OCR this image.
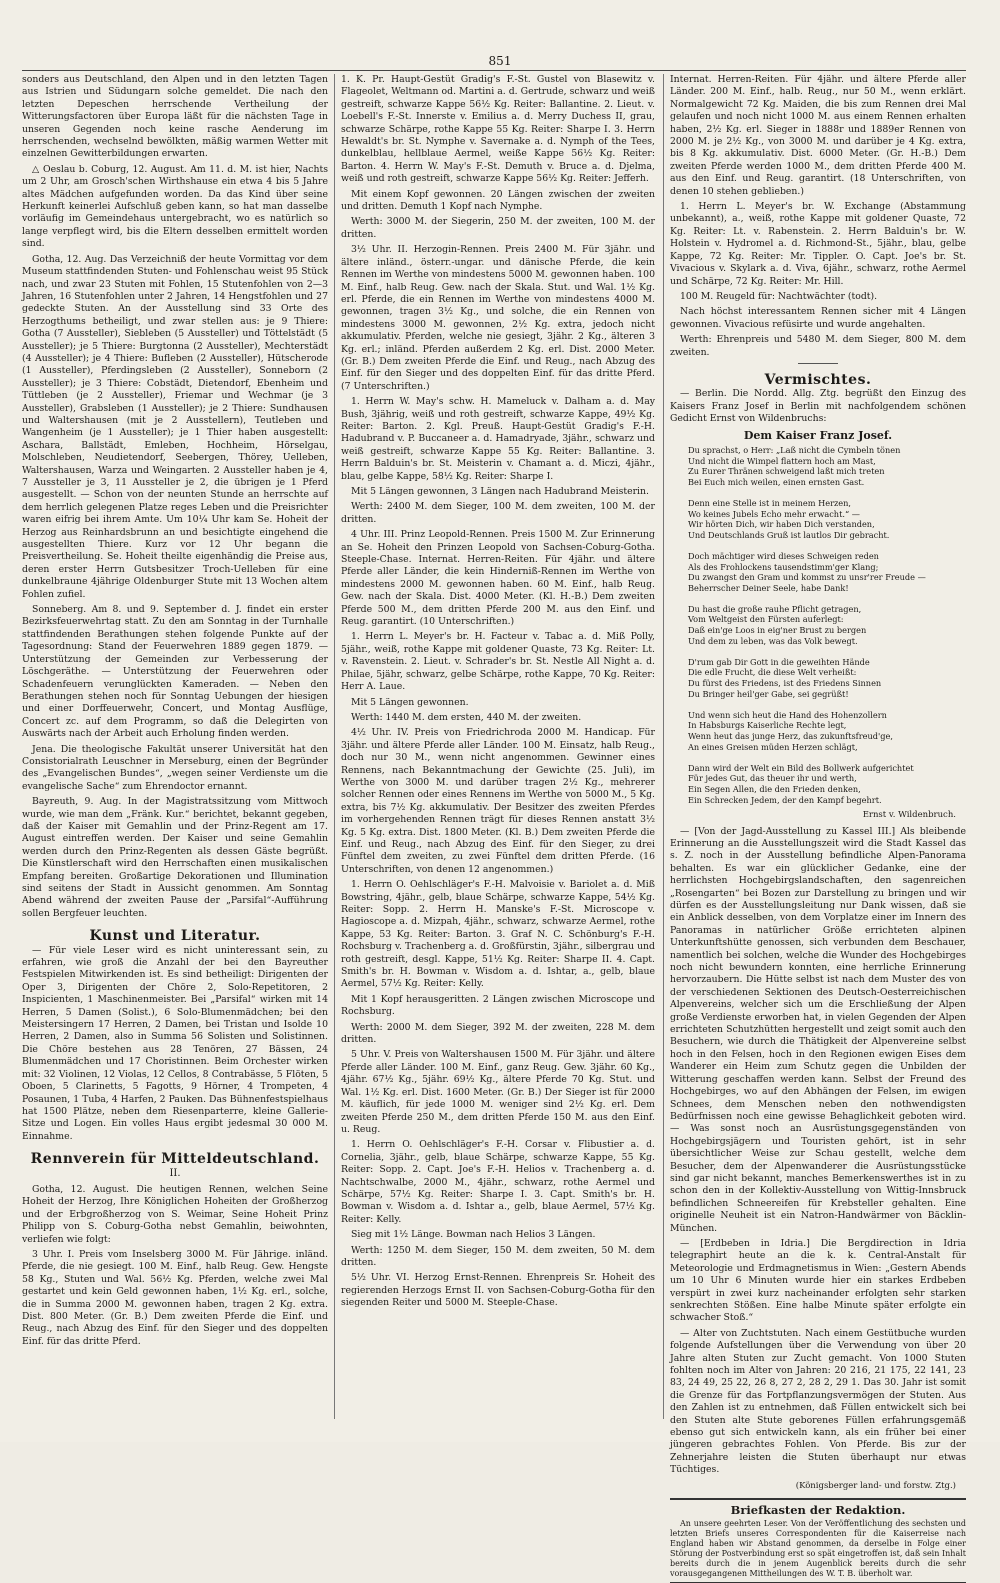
851

sonders aus Deutschland, den Alpen und in den letzten Tagen aus Istrien und Südungarn solche gemeldet. Die nach den letzten Depeschen herrschende Vertheilung der Witterungsfactoren über Europa läßt für die nächsten Tage in unseren Gegenden noch keine rasche Aenderung im herrschenden, wechselnd bewölkten, mäßig warmen Wetter mit einzelnen Gewitterbildungen erwarten.

△ Oeslau b. Coburg, 12. August. Am 11. d. M. ist hier, Nachts um 2 Uhr, am Grosch'schen Wirthshause ein etwa 4 bis 5 Jahre altes Mädchen aufgefunden worden. Da das Kind über seine Herkunft keinerlei Aufschluß geben kann, so hat man dasselbe vorläufig im Gemeindehaus untergebracht, wo es natürlich so lange verpflegt wird, bis die Eltern desselben ermittelt worden sind.

Gotha, 12. Aug. Das Verzeichniß der heute Vormittag vor dem Museum stattfindenden Stuten- und Fohlenschau weist 95 Stück nach, und zwar 23 Stuten mit Fohlen, 15 Stutenfohlen von 2—3 Jahren, 16 Stutenfohlen unter 2 Jahren, 14 Hengstfohlen und 27 gedeckte Stuten. An der Ausstellung sind 33 Orte des Herzogthums betheiligt, und zwar stellen aus: je 9 Thiere: Gotha (7 Aussteller), Siebleben (5 Aussteller) und Töttelstädt (5 Aussteller); je 5 Thiere: Burgtonna (2 Aussteller), Mechterstädt (4 Aussteller); je 4 Thiere: Bufleben (2 Aussteller), Hütscherode (1 Aussteller), Pferdingsleben (2 Aussteller), Sonneborn (2 Aussteller); je 3 Thiere: Cobstädt, Dietendorf, Ebenheim und Tüttleben (je 2 Aussteller), Friemar und Wechmar (je 3 Aussteller), Grabsleben (1 Aussteller); je 2 Thiere: Sundhausen und Waltershausen (mit je 2 Ausstellern), Teutleben und Wangenheim (je 1 Aussteller); je 1 Thier haben ausgestellt: Aschara, Ballstädt, Emleben, Hochheim, Hörselgau, Molschleben, Neudietendorf, Seebergen, Thörey, Uelleben, Waltershausen, Warza und Weingarten. 2 Aussteller haben je 4, 7 Aussteller je 3, 11 Aussteller je 2, die übrigen je 1 Pferd ausgestellt. — Schon von der neunten Stunde an herrschte auf dem herrlich gelegenen Platze reges Leben und die Preisrichter waren eifrig bei ihrem Amte. Um 10¼ Uhr kam Se. Hoheit der Herzog aus Reinhardsbrunn an und besichtigte eingehend die ausgestellten Thiere. Kurz vor 12 Uhr begann die Preisvertheilung. Se. Hoheit theilte eigenhändig die Preise aus, deren erster Herrn Gutsbesitzer Troch-Uelleben für eine dunkelbraune 4jährige Oldenburger Stute mit 13 Wochen altem Fohlen zufiel.

Sonneberg. Am 8. und 9. September d. J. findet ein erster Bezirksfeuerwehrtag statt. Zu den am Sonntag in der Turnhalle stattfindenden Berathungen stehen folgende Punkte auf der Tagesordnung: Stand der Feuerwehren 1889 gegen 1879. — Unterstützung der Gemeinden zur Verbesserung der Löschgeräthe. — Unterstützung der Feuerwehren oder Schadenfeuern verunglückten Kameraden. — Neben den Berathungen stehen noch für Sonntag Uebungen der hiesigen und einer Dorffeuerwehr, Concert, und Montag Ausflüge, Concert zc. auf dem Programm, so daß die Delegirten von Auswärts nach der Arbeit auch Erholung finden werden.

Jena. Die theologische Fakultät unserer Universität hat den Consistorialrath Leuschner in Merseburg, einen der Begründer des „Evangelischen Bundes“, „wegen seiner Verdienste um die evangelische Sache“ zum Ehrendoctor ernannt.

Bayreuth, 9. Aug. In der Magistratssitzung vom Mittwoch wurde, wie man dem „Fränk. Kur.“ berichtet, bekannt gegeben, daß der Kaiser mit Gemahlin und der Prinz-Regent am 17. August eintreffen werden. Der Kaiser und seine Gemahlin werden durch den Prinz-Regenten als dessen Gäste begrüßt. Die Künstlerschaft wird den Herrschaften einen musikalischen Empfang bereiten. Großartige Dekorationen und Illumination sind seitens der Stadt in Aussicht genommen. Am Sonntag Abend während der zweiten Pause der „Parsifal“-Aufführung sollen Bergfeuer leuchten.

Kunst und Literatur.

— Für viele Leser wird es nicht uninteressant sein, zu erfahren, wie groß die Anzahl der bei den Bayreuther Festspielen Mitwirkenden ist. Es sind betheiligt: Dirigenten der Oper 3, Dirigenten der Chöre 2, Solo-Repetitoren, 2 Inspicienten, 1 Maschinenmeister. Bei „Parsifal“ wirken mit 14 Herren, 5 Damen (Solist.), 6 Solo-Blumenmädchen; bei den Meistersingern 17 Herren, 2 Damen, bei Tristan und Isolde 10 Herren, 2 Damen, also in Summa 56 Solisten und Solistinnen. Die Chöre bestehen aus 28 Tenören, 27 Bässen, 24 Blumenmädchen und 17 Choristinnen. Beim Orchester wirken mit: 32 Violinen, 12 Violas, 12 Cellos, 8 Contrabässe, 5 Flöten, 5 Oboen, 5 Clarinetts, 5 Fagotts, 9 Hörner, 4 Trompeten, 4 Posaunen, 1 Tuba, 4 Harfen, 2 Pauken. Das Bühnenfestspielhaus hat 1500 Plätze, neben dem Riesenparterre, kleine Gallerie-Sitze und Logen. Ein volles Haus ergibt jedesmal 30 000 M. Einnahme.

Rennverein für Mitteldeutschland.
II.

Gotha, 12. August. Die heutigen Rennen, welchen Seine Hoheit der Herzog, Ihre Königlichen Hoheiten der Großherzog und der Erbgroßherzog von S. Weimar, Seine Hoheit Prinz Philipp von S. Coburg-Gotha nebst Gemahlin, beiwohnten, verliefen wie folgt:

3 Uhr. I. Preis vom Inselsberg 3000 M. Für Jährige. inländ. Pferde, die nie gesiegt. 100 M. Einf., halb Reug. Gew. Hengste 58 Kg., Stuten und Wal. 56½ Kg. Pferden, welche zwei Mal gestartet und kein Geld gewonnen haben, 1½ Kg. erl., solche, die in Summa 2000 M. gewonnen haben, tragen 2 Kg. extra. Dist. 800 Meter. (Gr. B.) Dem zweiten Pferde die Einf. und Reug., nach Abzug des Einf. für den Sieger und des doppelten Einf. für das dritte Pferd.

1. K. Pr. Haupt-Gestüt Gradig's F.-St. Gustel von Blasewitz v. Flageolet, Weltmann od. Martini a. d. Gertrude, schwarz und weiß gestreift, schwarze Kappe 56½ Kg. Reiter: Ballantine. 2. Lieut. v. Loebell's F.-St. Innerste v. Emilius a. d. Merry Duchess II, grau, schwarze Schärpe, rothe Kappe 55 Kg. Reiter: Sharpe I. 3. Herrn Hewaldt's br. St. Nymphe v. Savernake a. d. Nymph of the Tees, dunkelblau, hellblaue Aermel, weiße Kappe 56½ Kg. Reiter: Barton. 4. Herrn W. May's F.-St. Demuth v. Bruce a. d. Djelma, weiß und roth gestreift, schwarze Kappe 56½ Kg. Reiter: Jefferh.

Mit einem Kopf gewonnen. 20 Längen zwischen der zweiten und dritten. Demuth 1 Kopf nach Nymphe.

Werth: 3000 M. der Siegerin, 250 M. der zweiten, 100 M. der dritten.

3½ Uhr. II. Herzogin-Rennen. Preis 2400 M. Für 3jähr. und ältere inländ., österr.-ungar. und dänische Pferde, die kein Rennen im Werthe von mindestens 5000 M. gewonnen haben. 100 M. Einf., halb Reug. Gew. nach der Skala. Stut. und Wal. 1½ Kg. erl. Pferde, die ein Rennen im Werthe von mindestens 4000 M. gewonnen, tragen 3½ Kg., und solche, die ein Rennen von mindestens 3000 M. gewonnen, 2½ Kg. extra, jedoch nicht akkumulativ. Pferden, welche nie gesiegt, 3jähr. 2 Kg., älteren 3 Kg. erl.; inländ. Pferden außerdem 2 Kg. erl. Dist. 2000 Meter. (Gr. B.) Dem zweiten Pferde die Einf. und Reug., nach Abzug des Einf. für den Sieger und des doppelten Einf. für das dritte Pferd. (7 Unterschriften.)

1. Herrn W. May's schw. H. Mameluck v. Dalham a. d. May Bush, 3jährig, weiß und roth gestreift, schwarze Kappe, 49½ Kg. Reiter: Barton. 2. Kgl. Preuß. Haupt-Gestüt Gradig's F.-H. Hadubrand v. P. Buccaneer a. d. Hamadryade, 3jähr., schwarz und weiß gestreift, schwarze Kappe 55 Kg. Reiter: Ballantine. 3. Herrn Balduin's br. St. Meisterin v. Chamant a. d. Miczi, 4jähr., blau, gelbe Kappe, 58½ Kg. Reiter: Sharpe I.

Mit 5 Längen gewonnen, 3 Längen nach Hadubrand Meisterin.

Werth: 2400 M. dem Sieger, 100 M. dem zweiten, 100 M. der dritten.

4 Uhr. III. Prinz Leopold-Rennen. Preis 1500 M. Zur Erinnerung an Se. Hoheit den Prinzen Leopold von Sachsen-Coburg-Gotha. Steeple-Chase. Internat. Herren-Reiten. Für 4jähr. und ältere Pferde aller Länder, die kein Hinderniß-Rennen im Werthe von mindestens 2000 M. gewonnen haben. 60 M. Einf., halb Reug. Gew. nach der Skala. Dist. 4000 Meter. (Kl. H.-B.) Dem zweiten Pferde 500 M., dem dritten Pferde 200 M. aus den Einf. und Reug. garantirt. (10 Unterschriften.)

1. Herrn L. Meyer's br. H. Facteur v. Tabac a. d. Miß Polly, 5jähr., weiß, rothe Kappe mit goldener Quaste, 73 Kg. Reiter: Lt. v. Ravenstein. 2. Lieut. v. Schrader's br. St. Nestle All Night a. d. Philae, 5jähr, schwarz, gelbe Schärpe, rothe Kappe, 70 Kg. Reiter: Herr A. Laue.

Mit 5 Längen gewonnen.

Werth: 1440 M. dem ersten, 440 M. der zweiten.

4½ Uhr. IV. Preis von Friedrichroda 2000 M. Handicap. Für 3jähr. und ältere Pferde aller Länder. 100 M. Einsatz, halb Reug., doch nur 30 M., wenn nicht angenommen. Gewinner eines Rennens, nach Bekanntmachung der Gewichte (25. Juli), im Werthe von 3000 M. und darüber tragen 2½ Kg., mehrerer solcher Rennen oder eines Rennens im Werthe von 5000 M., 5 Kg. extra, bis 7½ Kg. akkumulativ. Der Besitzer des zweiten Pferdes im vorhergehenden Rennen trägt für dieses Rennen anstatt 3½ Kg. 5 Kg. extra. Dist. 1800 Meter. (Kl. B.) Dem zweiten Pferde die Einf. und Reug., nach Abzug des Einf. für den Sieger, zu drei Fünftel dem zweiten, zu zwei Fünftel dem dritten Pferde. (16 Unterschriften, von denen 12 angenommen.)

1. Herrn O. Oehlschläger's F.-H. Malvoisie v. Bariolet a. d. Miß Bowstring, 4jähr., gelb, blaue Schärpe, schwarze Kappe, 54½ Kg. Reiter: Sopp. 2. Herrn H. Manske's F.-St. Microscope v. Hagioscope a. d. Mizpah, 4jähr., schwarz, schwarze Aermel, rothe Kappe, 53 Kg. Reiter: Barton. 3. Graf N. C. Schönburg's F.-H. Rochsburg v. Trachenberg a. d. Großfürstin, 3jähr., silbergrau und roth gestreift, desgl. Kappe, 51½ Kg. Reiter: Sharpe II. 4. Capt. Smith's br. H. Bowman v. Wisdom a. d. Ishtar, a., gelb, blaue Aermel, 57½ Kg. Reiter: Kelly.

Mit 1 Kopf herausgeritten. 2 Längen zwischen Microscope und Rochsburg.

Werth: 2000 M. dem Sieger, 392 M. der zweiten, 228 M. dem dritten.

5 Uhr. V. Preis von Waltershausen 1500 M. Für 3jähr. und ältere Pferde aller Länder. 100 M. Einf., ganz Reug. Gew. 3jähr. 60 Kg., 4jähr. 67½ Kg., 5jähr. 69½ Kg., ältere Pferde 70 Kg. Stut. und Wal. 1½ Kg. erl. Dist. 1600 Meter. (Gr. B.) Der Sieger ist für 2000 M. käuflich, für jede 1000 M. weniger sind 2½ Kg. erl. Dem zweiten Pferde 250 M., dem dritten Pferde 150 M. aus den Einf. u. Reug.

1. Herrn O. Oehlschläger's F.-H. Corsar v. Flibustier a. d. Cornelia, 3jähr., gelb, blaue Schärpe, schwarze Kappe, 55 Kg. Reiter: Sopp. 2. Capt. Joe's F.-H. Helios v. Trachenberg a. d. Nachtschwalbe, 2000 M., 4jähr., schwarz, rothe Aermel und Schärpe, 57½ Kg. Reiter: Sharpe I. 3. Capt. Smith's br. H. Bowman v. Wisdom a. d. Ishtar a., gelb, blaue Aermel, 57½ Kg. Reiter: Kelly.

Sieg mit 1½ Länge. Bowman nach Helios 3 Längen.

Werth: 1250 M. dem Sieger, 150 M. dem zweiten, 50 M. dem dritten.

5½ Uhr. VI. Herzog Ernst-Rennen. Ehrenpreis Sr. Hoheit des regierenden Herzogs Ernst II. von Sachsen-Coburg-Gotha für den siegenden Reiter und 5000 M. Steeple-Chase.

Internat. Herren-Reiten. Für 4jähr. und ältere Pferde aller Länder. 200 M. Einf., halb. Reug., nur 50 M., wenn erklärt. Normalgewicht 72 Kg. Maiden, die bis zum Rennen drei Mal gelaufen und noch nicht 1000 M. aus einem Rennen erhalten haben, 2½ Kg. erl. Sieger in 1888r und 1889er Rennen von 2000 M. je 2½ Kg., von 3000 M. und darüber je 4 Kg. extra, bis 8 Kg. akkumulativ. Dist. 6000 Meter. (Gr. H.-B.) Dem zweiten Pferde werden 1000 M., dem dritten Pferde 400 M. aus den Einf. und Reug. garantirt. (18 Unterschriften, von denen 10 stehen geblieben.)

1. Herrn L. Meyer's br. W. Exchange (Abstammung unbekannt), a., weiß, rothe Kappe mit goldener Quaste, 72 Kg. Reiter: Lt. v. Rabenstein. 2. Herrn Balduin's br. W. Holstein v. Hydromel a. d. Richmond-St., 5jähr., blau, gelbe Kappe, 72 Kg. Reiter: Mr. Tippler. O. Capt. Joe's br. St. Vivacious v. Skylark a. d. Viva, 6jähr., schwarz, rothe Aermel und Schärpe, 72 Kg. Reiter: Mr. Hill.

100 M. Reugeld für: Nachtwächter (todt).

Nach höchst interessantem Rennen sicher mit 4 Längen gewonnen. Vivacious refüsirte und wurde angehalten.

Werth: Ehrenpreis und 5480 M. dem Sieger, 800 M. dem zweiten.

Vermischtes.

— Berlin. Die Nordd. Allg. Ztg. begrüßt den Einzug des Kaisers Franz Josef in Berlin mit nachfolgendem schönen Gedicht Ernst von Wildenbruchs:

Dem Kaiser Franz Josef.
Du sprachst, o Herr: „Laß nicht die Cymbeln tönen
Und nicht die Wimpel flattern hoch am Mast,
Zu Eurer Thränen schweigend laßt mich treten
Bei Euch mich weilen, einen ernsten Gast.

Denn eine Stelle ist in meinem Herzen,
Wo keines Jubels Echo mehr erwacht.“ —
Wir hörten Dich, wir haben Dich verstanden,
Und Deutschlands Gruß ist lautlos Dir gebracht.

Doch mächtiger wird dieses Schweigen reden
Als des Frohlockens tausendstimm'ger Klang;
Du zwangst den Gram und kommst zu unsr'rer Freude —
Beherrscher Deiner Seele, habe Dank!

Du hast die große rauhe Pflicht getragen,
Vom Weltgeist den Fürsten auferlegt:
Daß ein'ge Loos in eig'ner Brust zu bergen
Und dem zu leben, was das Volk bewegt.

D'rum gab Dir Gott in die geweihten Hände
Die edle Frucht, die diese Welt verheißt:
Du fürst des Friedens, ist des Friedens Sinnen
Du Bringer heil'ger Gabe, sei gegrüßt!

Und wenn sich heut die Hand des Hohenzollern
In Habsburgs Kaiserliche Rechte legt,
Wenn heut das junge Herz, das zukunftsfreud'ge,
An eines Greisen müden Herzen schlägt,

Dann wird der Welt ein Bild des Bollwerk aufgerichtet
Für jedes Gut, das theuer ihr und werth,
Ein Segen Allen, die den Frieden denken,
Ein Schrecken Jedem, der den Kampf begehrt.
Ernst v. Wildenbruch.

— [Von der Jagd-Ausstellung zu Kassel III.] Als bleibende Erinnerung an die Ausstellungszeit wird die Stadt Kassel das s. Z. noch in der Ausstellung befindliche Alpen-Panorama behalten. Es war ein glücklicher Gedanke, eine der herrlichsten Hochgebirgslandschaften, den sagenreichen „Rosengarten“ bei Bozen zur Darstellung zu bringen und wir dürfen es der Ausstellungsleitung nur Dank wissen, daß sie ein Anblick desselben, von dem Vorplatze einer im Innern des Panoramas in natürlicher Größe errichteten alpinen Unterkunftshütte genossen, sich verbunden dem Beschauer, namentlich bei solchen, welche die Wunder des Hochgebirges noch nicht bewundern konnten, eine herrliche Erinnerung hervorzaubern. Die Hütte selbst ist nach dem Muster des von der verschiedenen Sektionen des Deutsch-Oesterreichischen Alpenvereins, welcher sich um die Erschließung der Alpen große Verdienste erworben hat, in vielen Gegenden der Alpen errichteten Schutzhütten hergestellt und zeigt somit auch den Besuchern, wie durch die Thätigkeit der Alpenvereine selbst hoch in den Felsen, hoch in den Regionen ewigen Eises dem Wanderer ein Heim zum Schutz gegen die Unbilden der Witterung geschaffen werden kann. Selbst der Freund des Hochgebirges, wo auf den Abhängen der Felsen, im ewigen Schnees, dem Menschen neben den nothwendigsten Bedürfnissen noch eine gewisse Behaglichkeit geboten wird. — Was sonst noch an Ausrüstungsgegenständen von Hochgebirgsjägern und Touristen gehört, ist in sehr übersichtlicher Weise zur Schau gestellt, welche dem Besucher, dem der Alpenwanderer die Ausrüstungsstücke sind gar nicht bekannt, manches Bemerkenswerthes ist in zu schon den in der Kollektiv-Ausstellung von Wittig-Innsbruck befindlichen Schneereifen für Krebsteller gehalten. Eine originelle Neuheit ist ein Natron-Handwärmer von Bäcklin-München.

— [Erdbeben in Idria.] Die Bergdirection in Idria telegraphirt heute an die k. k. Central-Anstalt für Meteorologie und Erdmagnetismus in Wien: „Gestern Abends um 10 Uhr 6 Minuten wurde hier ein starkes Erdbeben verspürt in zwei kurz nacheinander erfolgten sehr starken senkrechten Stößen. Eine halbe Minute später erfolgte ein schwacher Stoß.“

— Alter von Zuchtstuten. Nach einem Gestütbuche wurden folgende Aufstellungen über die Verwendung von über 20 Jahre alten Stuten zur Zucht gemacht. Von 1000 Stuten fohlten noch im Alter von Jahren: 20 216, 21 175, 22 141, 23 83, 24 49, 25 22, 26 8, 27 2, 28 2, 29 1. Das 30. Jahr ist somit die Grenze für das Fortpflanzungsvermögen der Stuten. Aus den Zahlen ist zu entnehmen, daß Füllen entwickelt sich bei den Stuten alte Stute geborenes Füllen erfahrungsgemäß ebenso gut sich entwickeln kann, als ein früher bei einer jüngeren gebrachtes Fohlen. Von Pferde. Bis zur der Zehnerjahre leisten die Stuten überhaupt nur etwas Tüchtiges.

(Königsberger land- und forstw. Ztg.)
Briefkasten der Redaktion.

An unsere geehrten Leser. Von der Veröffentlichung des sechsten und letzten Briefs unseres Correspondenten für die Kaiserreise nach England haben wir Abstand genommen, da derselbe in Folge einer Störung der Postverbindung erst so spät eingetroffen ist, daß sein Inhalt bereits durch die in jenem Augenblick bereits durch die sehr vorausgegangenen Mittheilungen des W. T. B. überholt war.
